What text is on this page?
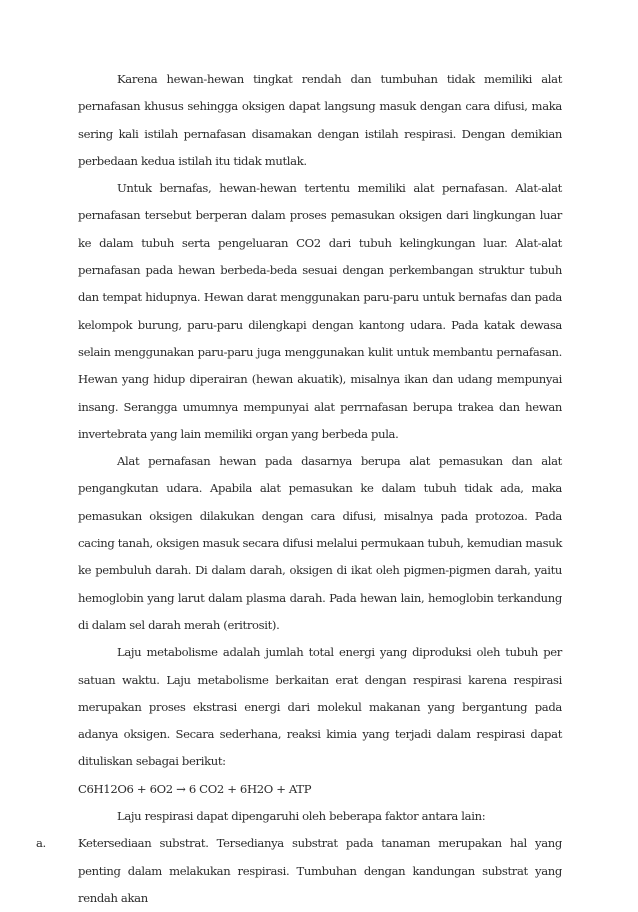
Karena hewan-hewan tingkat rendah dan tumbuhan tidak memiliki alat pernafasan khusus sehingga oksigen dapat langsung masuk dengan cara difusi, maka sering kali istilah pernafasan disamakan dengan istilah respirasi. Dengan demikian perbedaan kedua istilah itu tidak mutlak.

Untuk bernafas, hewan-hewan tertentu memiliki alat pernafasan. Alat-alat pernafasan tersebut berperan dalam proses pemasukan oksigen dari lingkungan luar ke dalam tubuh serta pengeluaran CO2 dari tubuh kelingkungan luar. Alat-alat pernafasan pada hewan berbeda-beda sesuai dengan perkembangan struktur tubuh dan tempat hidupnya. Hewan darat menggunakan paru-paru untuk bernafas dan pada kelompok burung, paru-paru dilengkapi dengan kantong udara. Pada katak dewasa selain menggunakan paru-paru juga menggunakan kulit untuk membantu pernafasan. Hewan yang hidup diperairan (hewan akuatik), misalnya ikan dan udang mempunyai insang. Serangga umumnya mempunyai alat perrnafasan berupa trakea dan hewan invertebrata yang lain memiliki organ yang berbeda pula.

Alat pernafasan hewan pada dasarnya berupa alat pemasukan dan alat pengangkutan udara. Apabila alat pemasukan ke dalam tubuh tidak ada, maka pemasukan oksigen dilakukan dengan cara difusi, misalnya pada protozoa. Pada cacing tanah, oksigen masuk secara difusi melalui permukaan tubuh, kemudian masuk ke pembuluh darah. Di dalam darah, oksigen di ikat oleh pigmen-pigmen darah, yaitu hemoglobin yang larut dalam plasma darah. Pada hewan lain, hemoglobin terkandung di dalam sel darah merah (eritrosit).

Laju metabolisme adalah jumlah total energi yang diproduksi oleh tubuh per satuan waktu. Laju metabolisme berkaitan erat dengan respirasi karena respirasi merupakan proses ekstrasi energi dari molekul makanan yang bergantung pada adanya oksigen. Secara sederhana, reaksi kimia yang terjadi dalam respirasi dapat dituliskan sebagai berikut:

C6H12O6 + 6O2 → 6 CO2 + 6H2O + ATP

Laju respirasi dapat dipengaruhi oleh beberapa faktor antara lain:

a.	Ketersediaan substrat. Tersedianya substrat pada tanaman merupakan hal yang penting dalam melakukan respirasi. Tumbuhan dengan kandungan substrat yang rendah akan
